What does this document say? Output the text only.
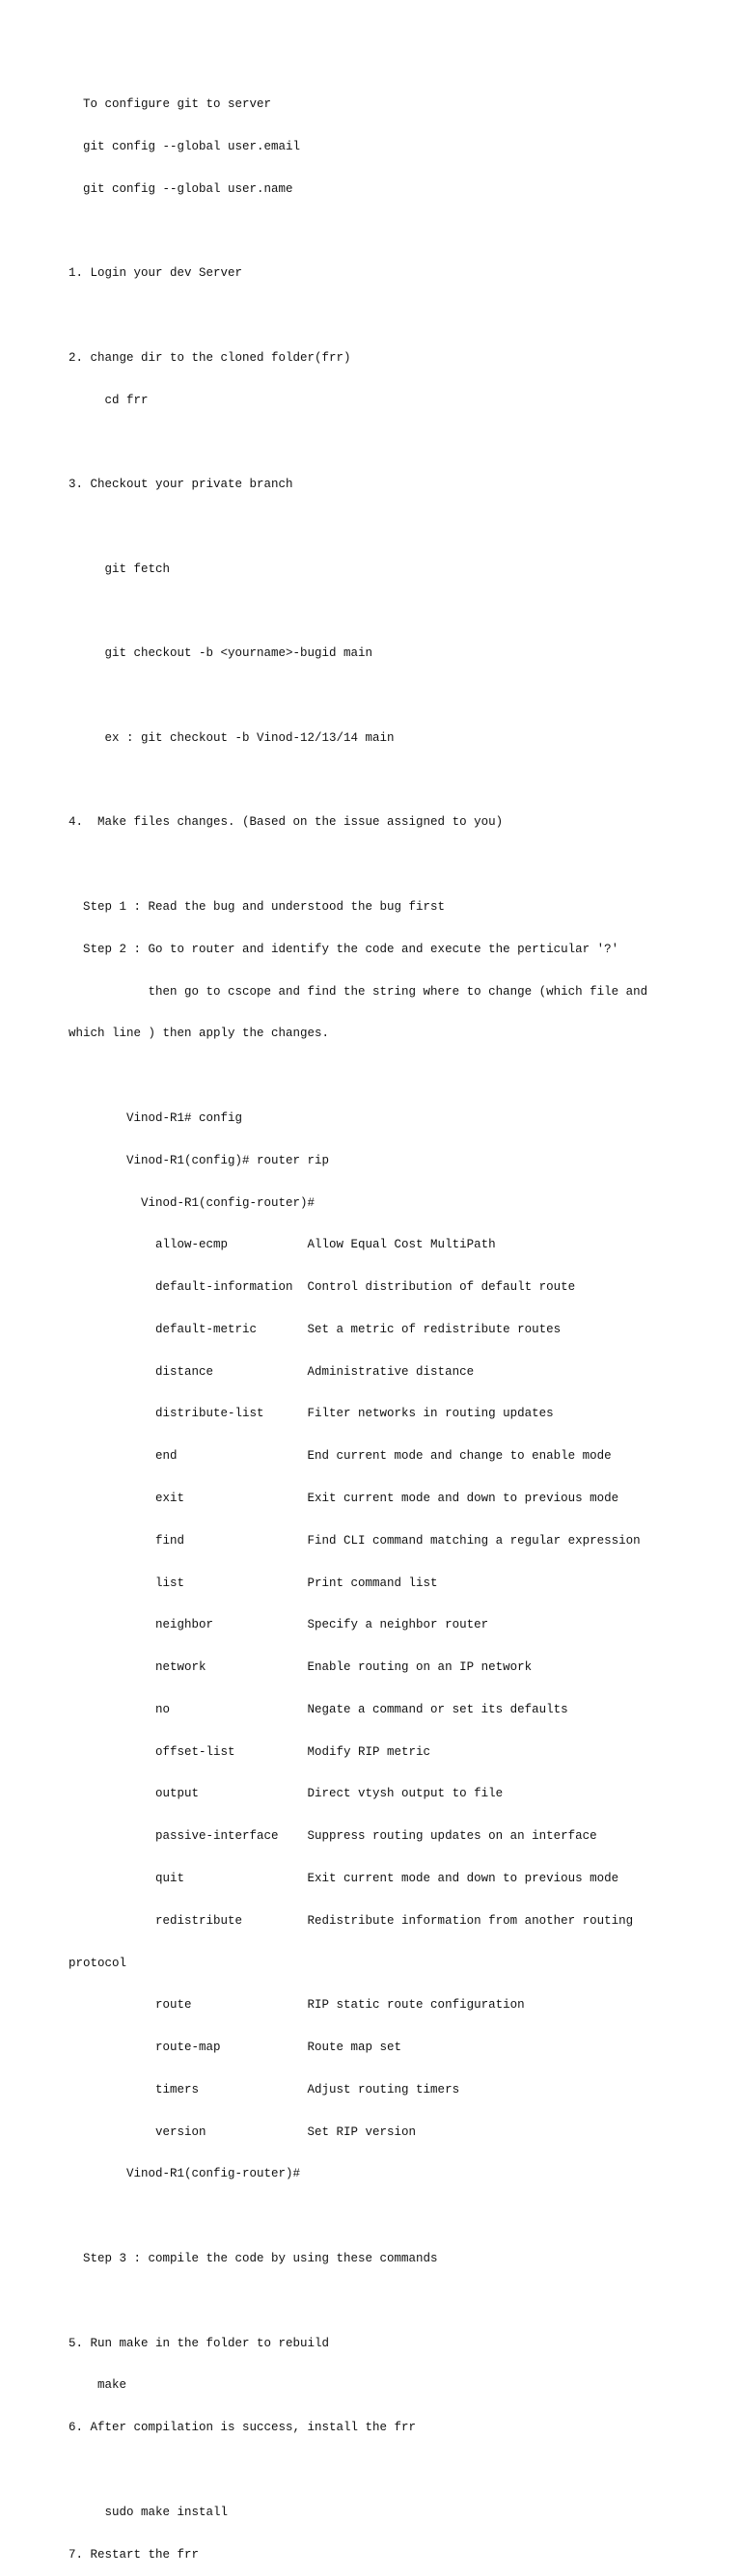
To configure git to server

git config --global user.email

git config --global user.name

1. Login your dev Server

2. change dir to the cloned folder(frr)

cd frr

3. Checkout your private branch

git fetch

git checkout -b <yourname>-bugid main

ex : git checkout -b Vinod-12/13/14 main

4.  Make files changes. (Based on the issue assigned to you)

Step 1 : Read the bug and understood the bug first

Step 2 : Go to router and identify the code and execute the perticular '?'

then go to cscope and find the string where to change (which file and

which line ) then apply the changes.

Vinod-R1# config

Vinod-R1(config)# router rip

Vinod-R1(config-router)#

allow-ecmp           Allow Equal Cost MultiPath

default-information  Control distribution of default route

default-metric       Set a metric of redistribute routes

distance             Administrative distance

distribute-list      Filter networks in routing updates

end                  End current mode and change to enable mode

exit                 Exit current mode and down to previous mode

find                 Find CLI command matching a regular expression

list                 Print command list

neighbor             Specify a neighbor router

network              Enable routing on an IP network

no                   Negate a command or set its defaults

offset-list          Modify RIP metric

output               Direct vtysh output to file

passive-interface    Suppress routing updates on an interface

quit                 Exit current mode and down to previous mode

redistribute         Redistribute information from another routing

protocol

route                RIP static route configuration

route-map            Route map set

timers               Adjust routing timers

version              Set RIP version

Vinod-R1(config-router)#

Step 3 : compile the code by using these commands

5. Run make in the folder to rebuild

make

6. After compilation is success, install the frr

sudo make install

7. Restart the frr
